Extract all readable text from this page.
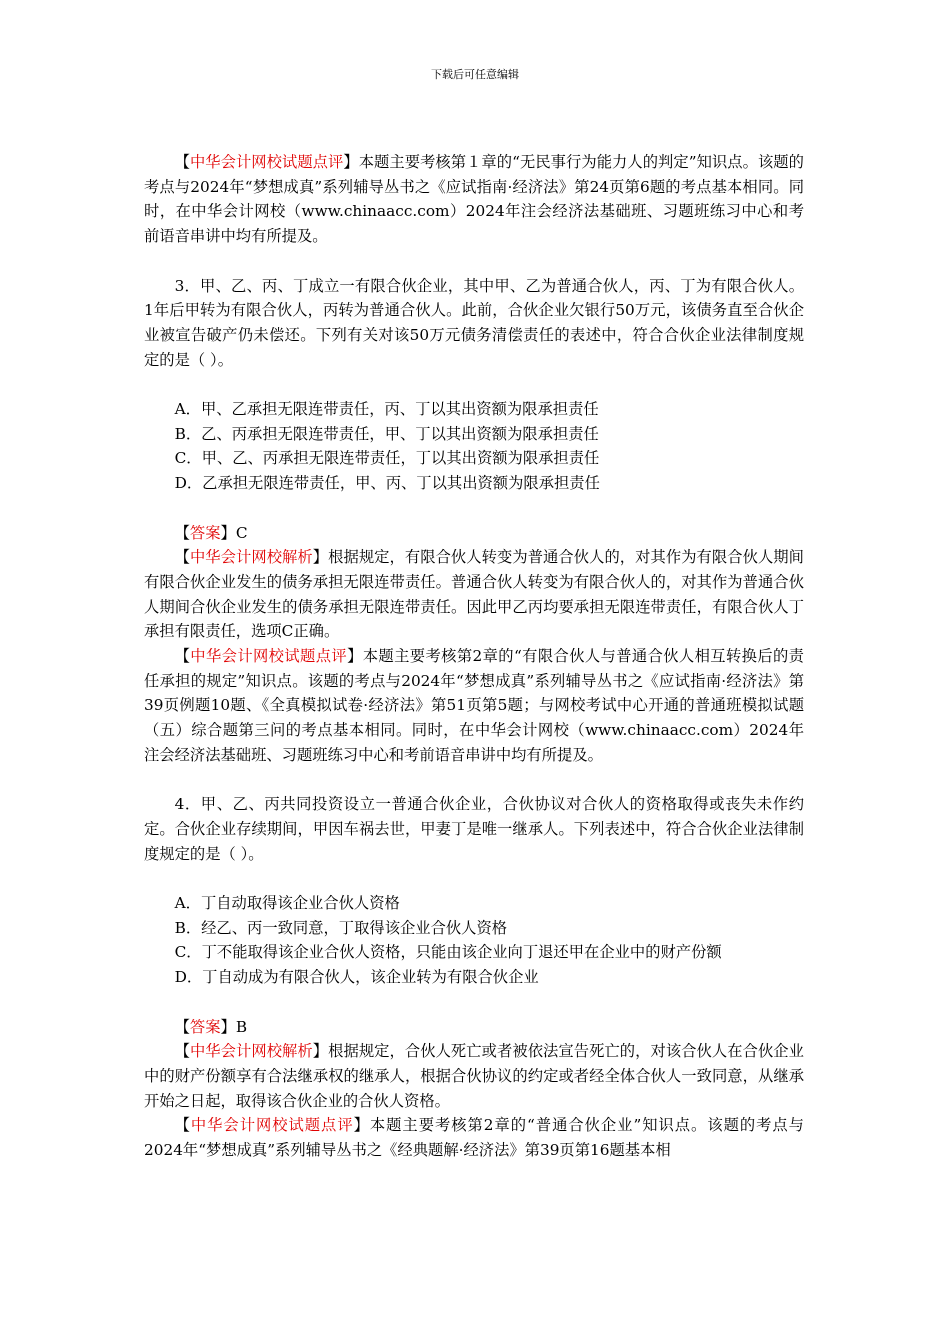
下载后可任意编辑

【中华会计网校试题点评】本题主要考核第１章的“无民事行为能力人的判定”知识点。该题的考点与2024年“梦想成真”系列辅导丛书之《应试指南·经济法》第24页第6题的考点基本相同。同时，在中华会计网校（www.chinaacc.com）2024年注会经济法基础班、习题班练习中心和考前语音串讲中均有所提及。

3．甲、乙、丙、丁成立一有限合伙企业，其中甲、乙为普通合伙人，丙、丁为有限合伙人。1年后甲转为有限合伙人，丙转为普通合伙人。此前，合伙企业欠银行50万元，该债务直至合伙企业被宣告破产仍未偿还。下列有关对该50万元债务清偿责任的表述中，符合合伙企业法律制度规定的是（ ）。

A．甲、乙承担无限连带责任，丙、丁以其出资额为限承担责任

B．乙、丙承担无限连带责任，甲、丁以其出资额为限承担责任

C．甲、乙、丙承担无限连带责任，丁以其出资额为限承担责任

D．乙承担无限连带责任，甲、丙、丁以其出资额为限承担责任

【答案】C

【中华会计网校解析】根据规定，有限合伙人转变为普通合伙人的，对其作为有限合伙人期间有限合伙企业发生的债务承担无限连带责任。普通合伙人转变为有限合伙人的，对其作为普通合伙人期间合伙企业发生的债务承担无限连带责任。因此甲乙丙均要承担无限连带责任，有限合伙人丁承担有限责任，选项C正确。

【中华会计网校试题点评】本题主要考核第2章的“有限合伙人与普通合伙人相互转换后的责任承担的规定”知识点。该题的考点与2024年“梦想成真”系列辅导丛书之《应试指南·经济法》第39页例题10题、《全真模拟试卷·经济法》第51页第5题；与网校考试中心开通的普通班模拟试题（五）综合题第三问的考点基本相同。同时，在中华会计网校（www.chinaacc.com）2024年注会经济法基础班、习题班练习中心和考前语音串讲中均有所提及。

4．甲、乙、丙共同投资设立一普通合伙企业，合伙协议对合伙人的资格取得或丧失未作约定。合伙企业存续期间，甲因车祸去世，甲妻丁是唯一继承人。下列表述中，符合合伙企业法律制度规定的是（ ）。

A．丁自动取得该企业合伙人资格

B．经乙、丙一致同意，丁取得该企业合伙人资格

C．丁不能取得该企业合伙人资格，只能由该企业向丁退还甲在企业中的财产份额

D．丁自动成为有限合伙人，该企业转为有限合伙企业

【答案】B

【中华会计网校解析】根据规定，合伙人死亡或者被依法宣告死亡的，对该合伙人在合伙企业中的财产份额享有合法继承权的继承人，根据合伙协议的约定或者经全体合伙人一致同意，从继承开始之日起，取得该合伙企业的合伙人资格。

【中华会计网校试题点评】本题主要考核第2章的“普通合伙企业”知识点。该题的考点与2024年“梦想成真”系列辅导丛书之《经典题解·经济法》第39页第16题基本相
